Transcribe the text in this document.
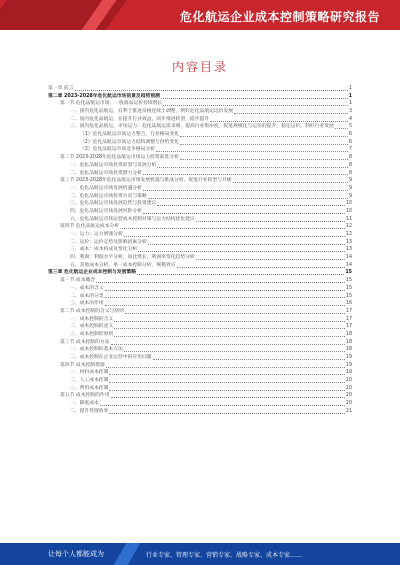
危化航运企业成本控制策略研究报告
内容目录
第一章 前言	1
第二章 2023-2028年危化航运市场前景及趋势预测	1
第一节 危化品航运市场，一般商品运价持续增长	1
一、国内危化品航运，有利于推进价格连续上调整，利好危化品航运运价发展	3
二、国内危化品航运，在提升行业效益，同步推进转型，稳步提升	4
三、国内危化品航运，市场运力：危化品航运需求端，提高行业集中度，促进规模化与运价的提升，稳定运价，利好行业发展	5
（1）危化品航运市场运力整合，行业格局变化	6
（2）危化品航运市场运力结构调整与供给变化	6
（3）危化品航运市场竞争格局分析	7
第二节 2023-2028年危化品航运市场运力投资前景分析	8
一、危化品航运市场投资前景与发展分析	8
二、危化品航运市场投资潜力分析	8
第三节 2023-2028年危化品航运市场发展机遇与挑战分析，促进行业转型与升级	9
一、危化品航运市场发展机遇分析	9
二、危化品航运市场投资方向与策略	9
三、危化品航运市场发展趋势与投资建议	10
四、危化品航运市场发展风险分析	10
五、危化品航运市场运营成本控制对策与运力结构优化建议	11
第四节 危化品航运成本分析	12
一、运力：运力增速分析	12
二、运价：运价走势及影响因素分析	13
三、成本：成本构成及变化分析	13
四、利润：利润水平分析，同比增长，利润率变化趋势分析	14
五、其他成本分析，单一成本控制分析，规模效应	14
第三章 危化航运企业成本控制与发展策略	15
第一节 成本概念	15
一、成本的含义	15
二、成本的分类	15
三、成本的作用	16
第二节 成本控制的含义与原则	17
一、成本控制的含义	17
二、成本控制的意义	17
三、成本控制的原则	18
第三节 成本控制的方法	18
一、成本控制的基本方法	18
二、成本控制在企业运营中的应用问题	19
第四节 成本控制措施	19
一、材料成本控制	19
二、人工成本控制	20
三、费用成本控制	20
第五节 成本控制的作用	20
一、降低成本	20
二、提升管理效率	21
让每个人都能成为	行业专家、管理专家、营销专家、战略专家、成本专家……
